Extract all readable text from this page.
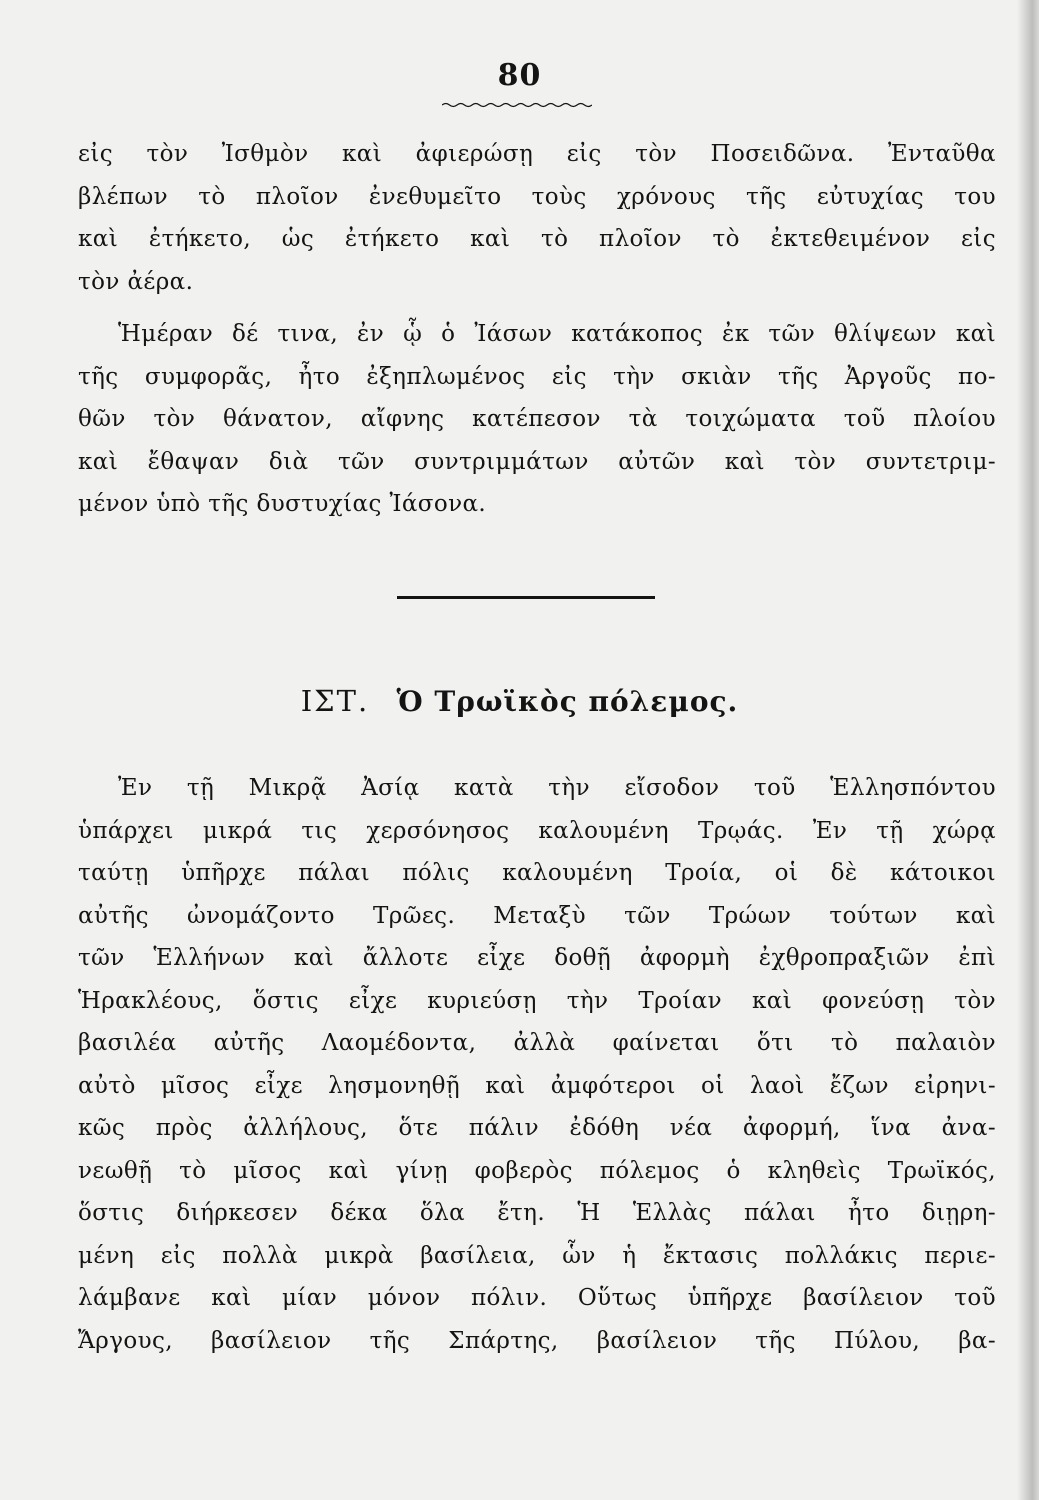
80
εἰς τὸν Ἰσθμὸν καὶ ἀφιερώσῃ εἰς τὸν Ποσειδῶνα. Ἐνταῦθα
βλέπων τὸ πλοῖον ἐνεθυμεῖτο τοὺς χρόνους τῆς εὐτυχίας του
καὶ ἐτήκετο, ὡς ἐτήκετο καὶ τὸ πλοῖον τὸ ἐκτεθειμένον εἰς
τὸν ἀέρα.
Ἡμέραν δέ τινα, ἐν ᾧ ὁ Ἰάσων κατάκοπος ἐκ τῶν θλίψεων καὶ
τῆς συμφορᾶς, ἦτο ἐξηπλωμένος εἰς τὴν σκιὰν τῆς Ἀργοῦς πο-
θῶν τὸν θάνατον, αἴφνης κατέπεσον τὰ τοιχώματα τοῦ πλοίου
καὶ ἔθαψαν διὰ τῶν συντριμμάτων αὐτῶν καὶ τὸν συντετριμ-
μένον ὑπὸ τῆς δυστυχίας Ἰάσονα.
ΙΣΤ. Ὁ Τρωϊκὸς πόλεμος.
Ἐν τῇ Μικρᾷ Ἀσίᾳ κατὰ τὴν εἴσοδον τοῦ Ἑλλησπόντου
ὑπάρχει μικρά τις χερσόνησος καλουμένη Τρῳάς. Ἐν τῇ χώρᾳ
ταύτῃ ὑπῆρχε πάλαι πόλις καλουμένη Τροία, οἱ δὲ κάτοικοι
αὐτῆς ὠνομάζοντο Τρῶες. Μεταξὺ τῶν Τρώων τούτων καὶ
τῶν Ἑλλήνων καὶ ἄλλοτε εἶχε δοθῇ ἀφορμὴ ἐχθροπραξιῶν ἐπὶ
Ἡρακλέους, ὅστις εἶχε κυριεύσῃ τὴν Τροίαν καὶ φονεύσῃ τὸν
βασιλέα αὐτῆς Λαομέδοντα, ἀλλὰ φαίνεται ὅτι τὸ παλαιὸν
αὐτὸ μῖσος εἶχε λησμονηθῇ καὶ ἀμφότεροι οἱ λαοὶ ἔζων εἰρηνι-
κῶς πρὸς ἀλλήλους, ὅτε πάλιν ἐδόθη νέα ἀφορμή, ἵνα ἀνα-
νεωθῇ τὸ μῖσος καὶ γίνῃ φοβερὸς πόλεμος ὁ κληθεὶς Τρωϊκός,
ὅστις διήρκεσεν δέκα ὅλα ἔτη. Ἡ Ἑλλὰς πάλαι ἦτο διῃρη-
μένη εἰς πολλὰ μικρὰ βασίλεια, ὧν ἡ ἔκτασις πολλάκις περιε-
λάμβανε καὶ μίαν μόνον πόλιν. Οὕτως ὑπῆρχε βασίλειον τοῦ
Ἄργους, βασίλειον τῆς Σπάρτης, βασίλειον τῆς Πύλου, βα-
